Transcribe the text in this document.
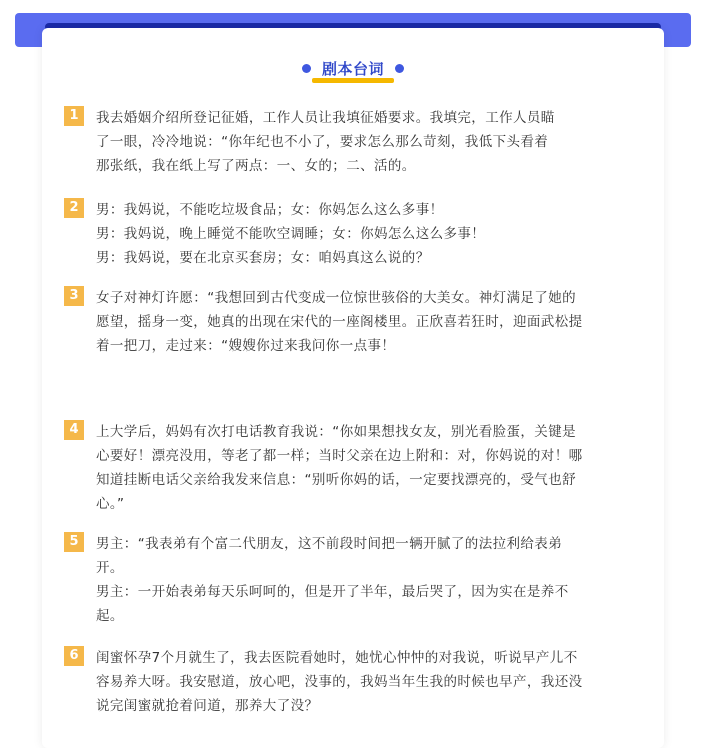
剧本台词
1	我去婚姻介绍所登记征婚，工作人员让我填征婚要求。我填完，工作人员瞄
了一眼，冷冷地说：“你年纪也不小了，要求怎么那么苛刻，我低下头看着
那张纸，我在纸上写了两点：一、女的；二、活的。
2	男：我妈说，不能吃垃圾食品；女：你妈怎么这么多事！
男：我妈说，晚上睡觉不能吹空调睡；女：你妈怎么这么多事！
男：我妈说，要在北京买套房；女：咱妈真这么说的？
3	女子对神灯许愿：“我想回到古代变成一位惊世骇俗的大美女。神灯满足了她的
愿望，摇身一变，她真的出现在宋代的一座阁楼里。正欣喜若狂时，迎面武松提
着一把刀，走过来：“嫂嫂你过来我问你一点事！
4	上大学后，妈妈有次打电话教育我说：“你如果想找女友，别光看脸蛋，关键是
心要好！漂亮没用，等老了都一样；当时父亲在边上附和：对，你妈说的对！哪
知道挂断电话父亲给我发来信息：“别听你妈的话，一定要找漂亮的，受气也舒
心。”
5	男主：“我表弟有个富二代朋友，这不前段时间把一辆开腻了的法拉利给表弟
开。
男主：一开始表弟每天乐呵呵的，但是开了半年，最后哭了，因为实在是养不
起。
6	闺蜜怀孕7个月就生了，我去医院看她时，她忧心忡忡的对我说，听说早产儿不
容易养大呀。我安慰道，放心吧，没事的，我妈当年生我的时候也早产，我还没
说完闺蜜就抢着问道，那养大了没？
